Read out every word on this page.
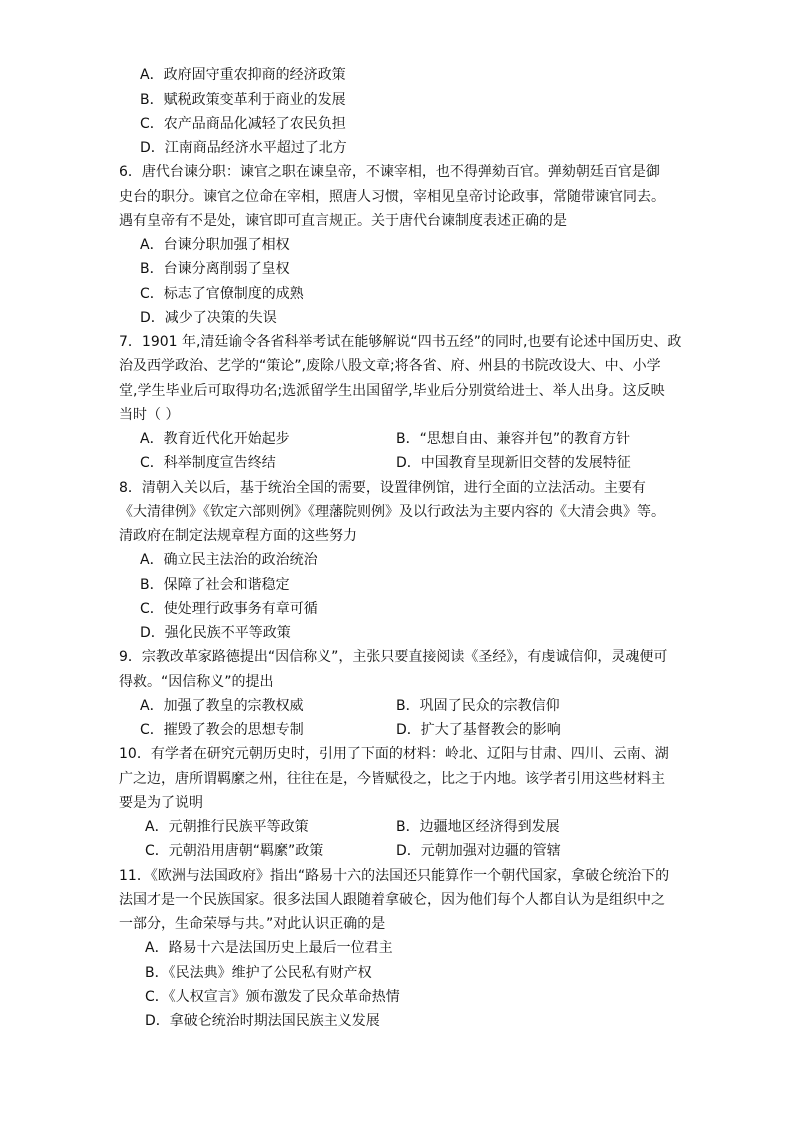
A．政府固守重农抑商的经济政策
B．赋税政策变革利于商业的发展
C．农产品商品化减轻了农民负担
D．江南商品经济水平超过了北方
6．唐代台谏分职：谏官之职在谏皇帝，不谏宰相，也不得弹劾百官。弹劾朝廷百官是御
史台的职分。谏官之位命在宰相，照唐人习惯，宰相见皇帝讨论政事，常随带谏官同去。
遇有皇帝有不是处，谏官即可直言规正。关于唐代台谏制度表述正确的是
A．台谏分职加强了相权
B．台谏分离削弱了皇权
C．标志了官僚制度的成熟
D．减少了决策的失误
7．1901 年,清廷谕令各省科举考试在能够解说“四书五经”的同时,也要有论述中国历史、政
治及西学政治、艺学的“策论”,废除八股文章;将各省、府、州县的书院改设大、中、小学
堂,学生毕业后可取得功名;选派留学生出国留学,毕业后分别赏给进士、举人出身。这反映
当时（ ）
A．教育近代化开始起步	B．“思想自由、兼容并包”的教育方针
C．科举制度宣告终结	D．中国教育呈现新旧交替的发展特征
8．清朝入关以后，基于统治全国的需要，设置律例馆，进行全面的立法活动。主要有
《大清律例》《钦定六部则例》《理藩院则例》及以行政法为主要内容的《大清会典》等。
清政府在制定法规章程方面的这些努力
A．确立民主法治的政治统治
B．保障了社会和谐稳定
C．使处理行政事务有章可循
D．强化民族不平等政策
9．宗教改革家路德提出“因信称义”，主张只要直接阅读《圣经》，有虔诚信仰，灵魂便可
得救。“因信称义”的提出
A．加强了教皇的宗教权威	B．巩固了民众的宗教信仰
C．摧毁了教会的思想专制	D．扩大了基督教会的影响
10．有学者在研究元朝历史时，引用了下面的材料：岭北、辽阳与甘肃、四川、云南、湖
广之边，唐所谓羁縻之州，往往在是，今皆赋役之，比之于内地。该学者引用这些材料主
要是为了说明
A．元朝推行民族平等政策	B．边疆地区经济得到发展
C．元朝沿用唐朝“羁縻”政策	D．元朝加强对边疆的管辖
11．《欧洲与法国政府》指出“路易十六的法国还只能算作一个朝代国家，拿破仑统治下的
法国才是一个民族国家。很多法国人跟随着拿破仑，因为他们每个人都自认为是组织中之
一部分，生命荣辱与共。”对此认识正确的是
A．路易十六是法国历史上最后一位君主
B．《民法典》维护了公民私有财产权
C．《人权宣言》颁布激发了民众革命热情
D．拿破仑统治时期法国民族主义发展
